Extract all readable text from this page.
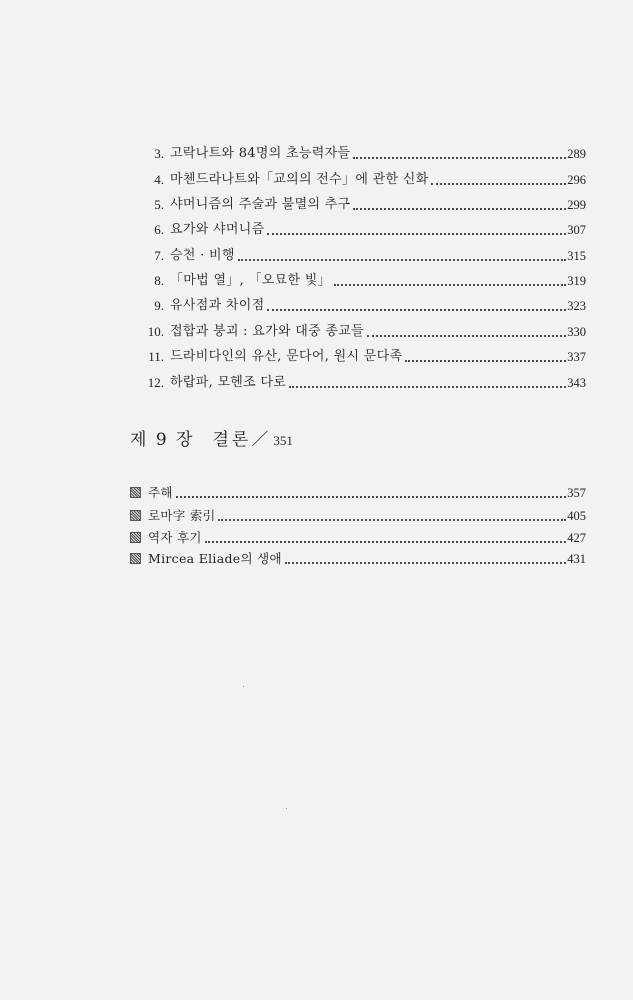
3. 고락나트와 84명의 초능력자들	289
4. 마첸드라나트와「교의의 전수」에 관한 신화	296
5. 샤머니즘의 주술과 불멸의 추구	299
6. 요가와 샤머니즘	307
7. 승천 · 비행	315
8. 「마법 열」, 「오묘한 빛」	319
9. 유사점과 차이점	323
10. 접합과 붕괴 : 요가와 대중 종교들	330
11. 드라비다인의 유산, 문다어, 원시 문다족	337
12. 하랍파, 모헨조 다로	343
제 9 장 결론／ 351
주해	357
로마字 索引	405
역자 후기	427
Mircea Eliade의 생애	431
